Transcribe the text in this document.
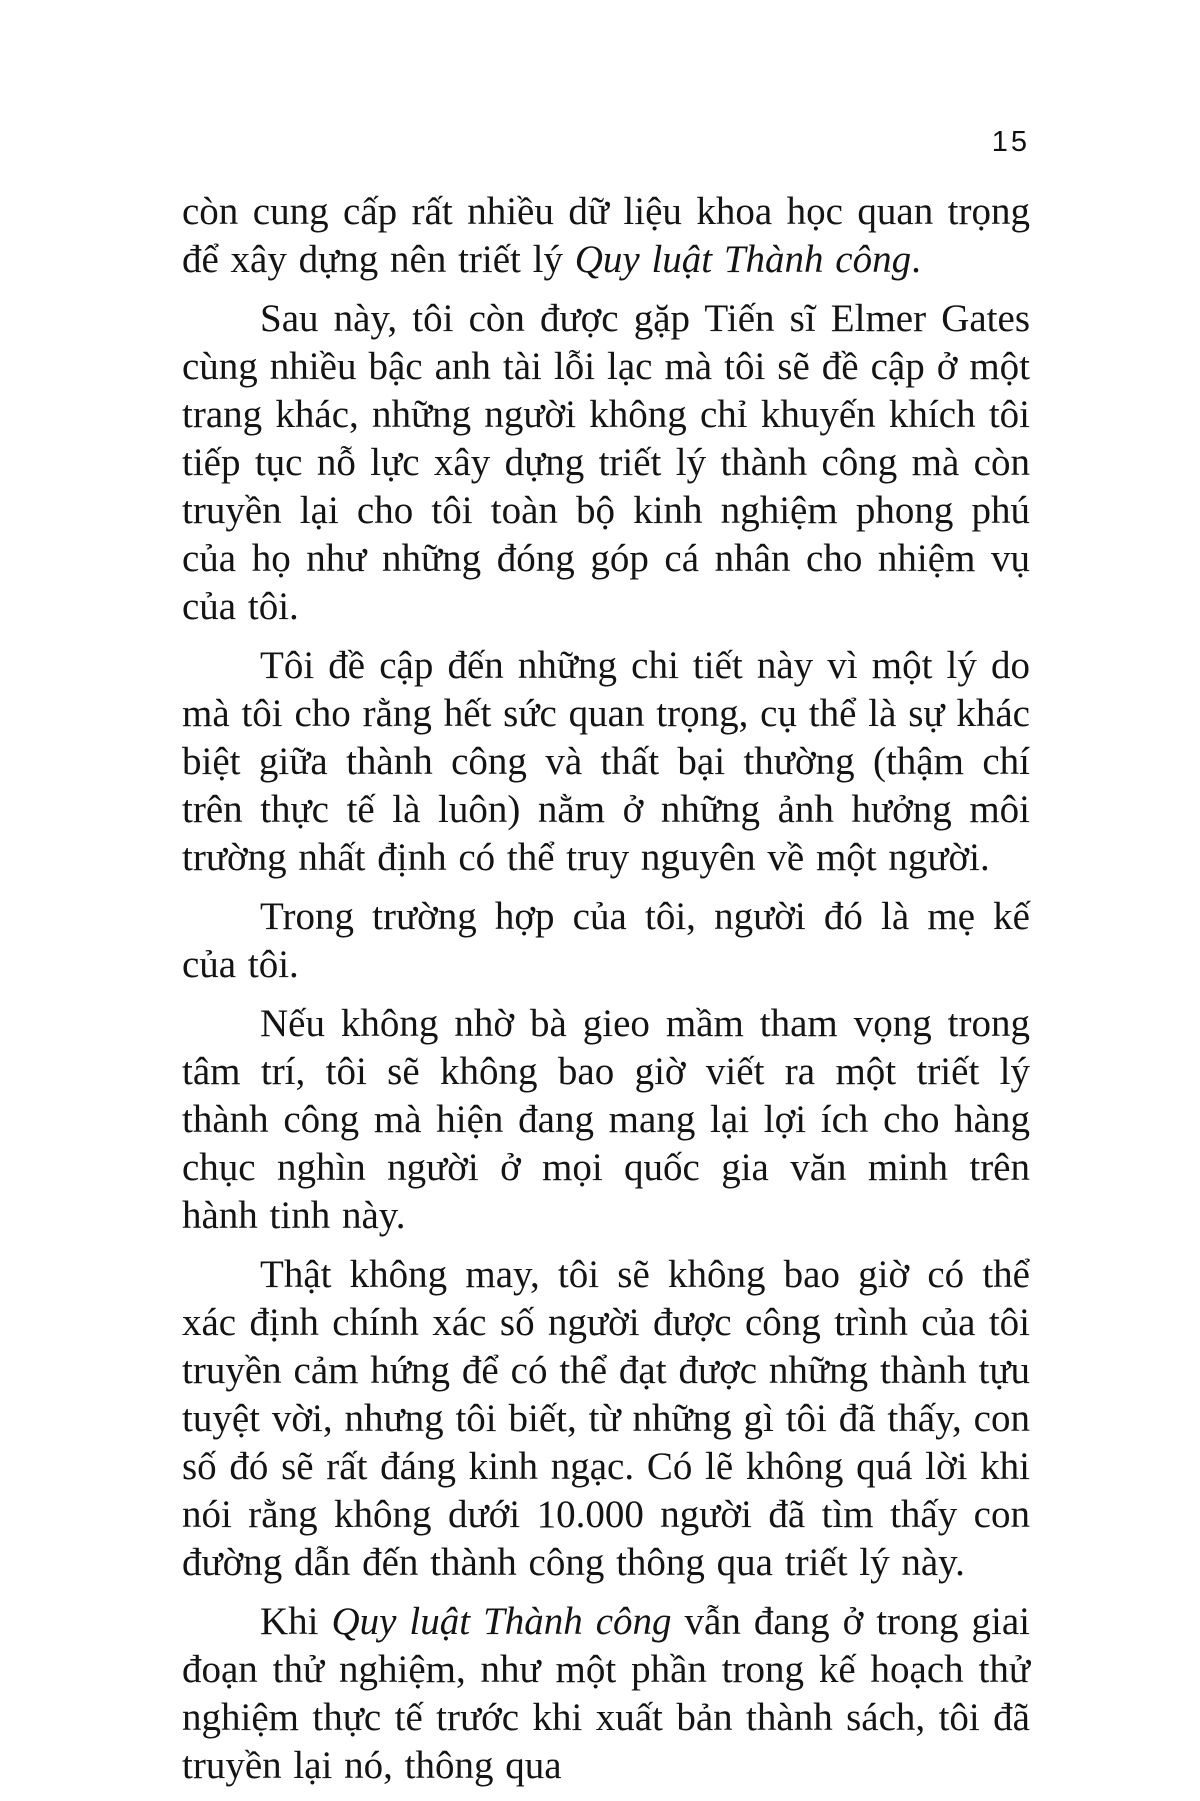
15

còn cung cấp rất nhiều dữ liệu khoa học quan trọng để xây dựng nên triết lý Quy luật Thành công.

Sau này, tôi còn được gặp Tiến sĩ Elmer Gates cùng nhiều bậc anh tài lỗi lạc mà tôi sẽ đề cập ở một trang khác, những người không chỉ khuyến khích tôi tiếp tục nỗ lực xây dựng triết lý thành công mà còn truyền lại cho tôi toàn bộ kinh nghiệm phong phú của họ như những đóng góp cá nhân cho nhiệm vụ của tôi.

Tôi đề cập đến những chi tiết này vì một lý do mà tôi cho rằng hết sức quan trọng, cụ thể là sự khác biệt giữa thành công và thất bại thường (thậm chí trên thực tế là luôn) nằm ở những ảnh hưởng môi trường nhất định có thể truy nguyên về một người.

Trong trường hợp của tôi, người đó là mẹ kế của tôi.

Nếu không nhờ bà gieo mầm tham vọng trong tâm trí, tôi sẽ không bao giờ viết ra một triết lý thành công mà hiện đang mang lại lợi ích cho hàng chục nghìn người ở mọi quốc gia văn minh trên hành tinh này.

Thật không may, tôi sẽ không bao giờ có thể xác định chính xác số người được công trình của tôi truyền cảm hứng để có thể đạt được những thành tựu tuyệt vời, nhưng tôi biết, từ những gì tôi đã thấy, con số đó sẽ rất đáng kinh ngạc. Có lẽ không quá lời khi nói rằng không dưới 10.000 người đã tìm thấy con đường dẫn đến thành công thông qua triết lý này.

Khi Quy luật Thành công vẫn đang ở trong giai đoạn thử nghiệm, như một phần trong kế hoạch thử nghiệm thực tế trước khi xuất bản thành sách, tôi đã truyền lại nó, thông qua
